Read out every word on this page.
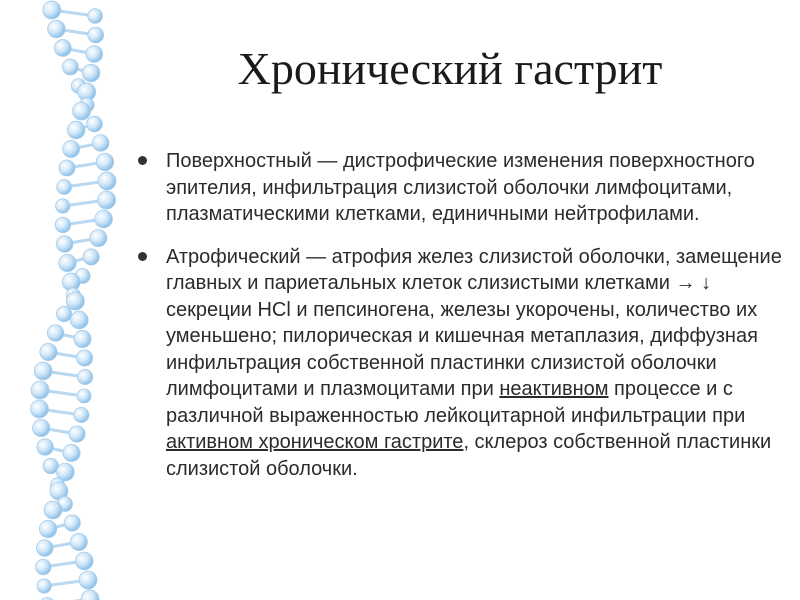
Хронический гастрит
Поверхностный — дистрофические изменения поверхностного эпителия, инфильтрация слизистой оболочки лимфоцитами, плазматическими клетками, единичными нейтрофилами.
Атрофический — атрофия желез слизистой оболочки, замещение главных и париетальных клеток слизистыми клетками → ↓ секреции HCl и пепсиногена, железы укорочены, количество их уменьшено; пилорическая и кишечная метаплазия, диффузная инфильтрация собственной пластинки слизистой оболочки лимфоцитами и плазмоцитами при неактивном процессе и с различной выраженностью лейкоцитарной инфильтрации при активном хроническом гастрите, склероз собственной пластинки слизистой оболочки.
